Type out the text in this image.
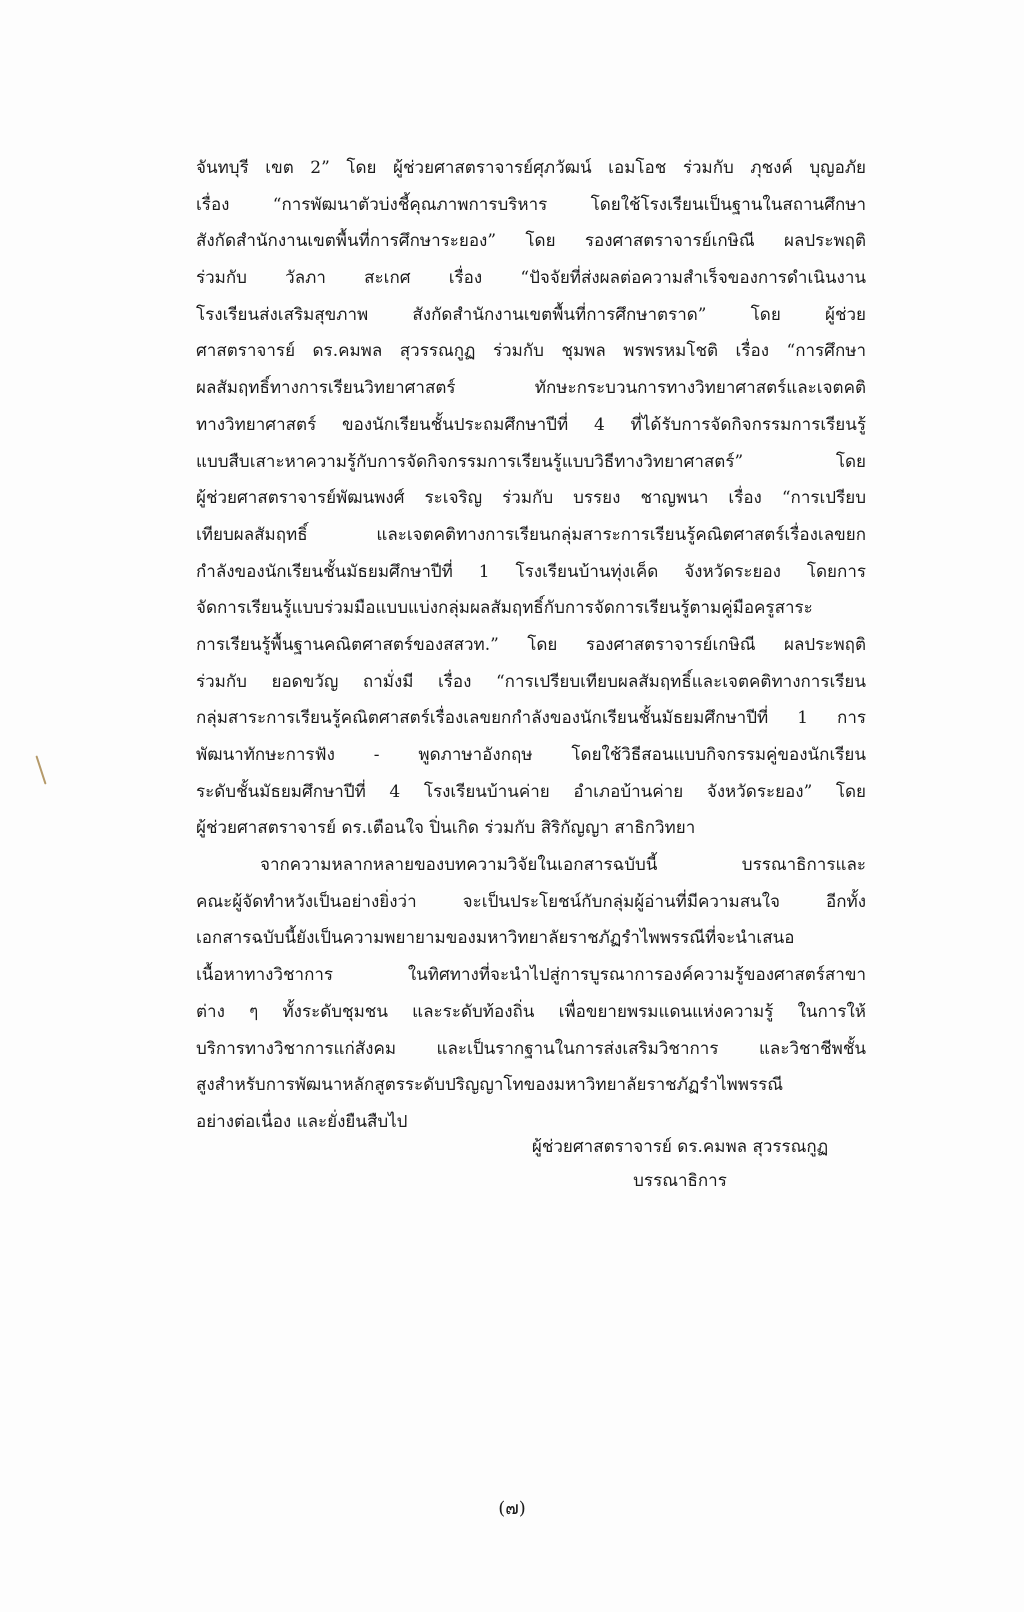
จันทบุรี เขต 2” โดย ผู้ช่วยศาสตราจารย์ศุภวัฒน์ เอมโอช ร่วมกับ ภุชงค์ บุญอภัย
เรื่อง “การพัฒนาตัวบ่งชี้คุณภาพการบริหาร โดยใช้โรงเรียนเป็นฐานในสถานศึกษา
สังกัดสำนักงานเขตพื้นที่การศึกษาระยอง” โดย รองศาสตราจารย์เกษิณี ผลประพฤติ
ร่วมกับ วัลภา สะเกศ เรื่อง “ปัจจัยที่ส่งผลต่อความสำเร็จของการดำเนินงาน
โรงเรียนส่งเสริมสุขภาพ สังกัดสำนักงานเขตพื้นที่การศึกษาตราด” โดย ผู้ช่วย
ศาสตราจารย์ ดร.คมพล สุวรรณกูฏ ร่วมกับ ชุมพล พรพรหมโชติ เรื่อง “การศึกษา
ผลสัมฤทธิ์ทางการเรียนวิทยาศาสตร์ ทักษะกระบวนการทางวิทยาศาสตร์และเจตคติ
ทางวิทยาศาสตร์ ของนักเรียนชั้นประถมศึกษาปีที่ 4 ที่ได้รับการจัดกิจกรรมการเรียนรู้
แบบสืบเสาะหาความรู้กับการจัดกิจกรรมการเรียนรู้แบบวิธีทางวิทยาศาสตร์” โดย
ผู้ช่วยศาสตราจารย์พัฒนพงศ์ ระเจริญ ร่วมกับ บรรยง ชาญพนา เรื่อง “การเปรียบ
เทียบผลสัมฤทธิ์ และเจตคติทางการเรียนกลุ่มสาระการเรียนรู้คณิตศาสตร์เรื่องเลขยก
กำลังของนักเรียนชั้นมัธยมศึกษาปีที่ 1 โรงเรียนบ้านทุ่งเค็ด จังหวัดระยอง โดยการ
จัดการเรียนรู้แบบร่วมมือแบบแบ่งกลุ่มผลสัมฤทธิ์กับการจัดการเรียนรู้ตามคู่มือครูสาระ
การเรียนรู้พื้นฐานคณิตศาสตร์ของสสวท.” โดย รองศาสตราจารย์เกษิณี ผลประพฤติ
ร่วมกับ ยอดขวัญ ถามั่งมี เรื่อง “การเปรียบเทียบผลสัมฤทธิ์และเจตคติทางการเรียน
กลุ่มสาระการเรียนรู้คณิตศาสตร์เรื่องเลขยกกำลังของนักเรียนชั้นมัธยมศึกษาปีที่ 1 การ
พัฒนาทักษะการฟัง - พูดภาษาอังกฤษ โดยใช้วิธีสอนแบบกิจกรรมคู่ของนักเรียน
ระดับชั้นมัธยมศึกษาปีที่ 4 โรงเรียนบ้านค่าย อำเภอบ้านค่าย จังหวัดระยอง” โดย
ผู้ช่วยศาสตราจารย์ ดร.เตือนใจ ปิ่นเกิด ร่วมกับ สิริกัญญา สาธิกวิทยา
จากความหลากหลายของบทความวิจัยในเอกสารฉบับนี้ บรรณาธิการและ
คณะผู้จัดทำหวังเป็นอย่างยิ่งว่า จะเป็นประโยชน์กับกลุ่มผู้อ่านที่มีความสนใจ อีกทั้ง
เอกสารฉบับนี้ยังเป็นความพยายามของมหาวิทยาลัยราชภัฏรำไพพรรณีที่จะนำเสนอ
เนื้อหาทางวิชาการ ในทิศทางที่จะนำไปสู่การบูรณาการองค์ความรู้ของศาสตร์สาขา
ต่าง ๆ ทั้งระดับชุมชน และระดับท้องถิ่น เพื่อขยายพรมแดนแห่งความรู้ ในการให้
บริการทางวิชาการแก่สังคม และเป็นรากฐานในการส่งเสริมวิชาการ และวิชาชีพชั้น
สูงสำหรับการพัฒนาหลักสูตรระดับปริญญาโทของมหาวิทยาลัยราชภัฏรำไพพรรณี
อย่างต่อเนื่อง และยั่งยืนสืบไป
ผู้ช่วยศาสตราจารย์ ดร.คมพล สุวรรณกูฏ
บรรณาธิการ
(๗)
